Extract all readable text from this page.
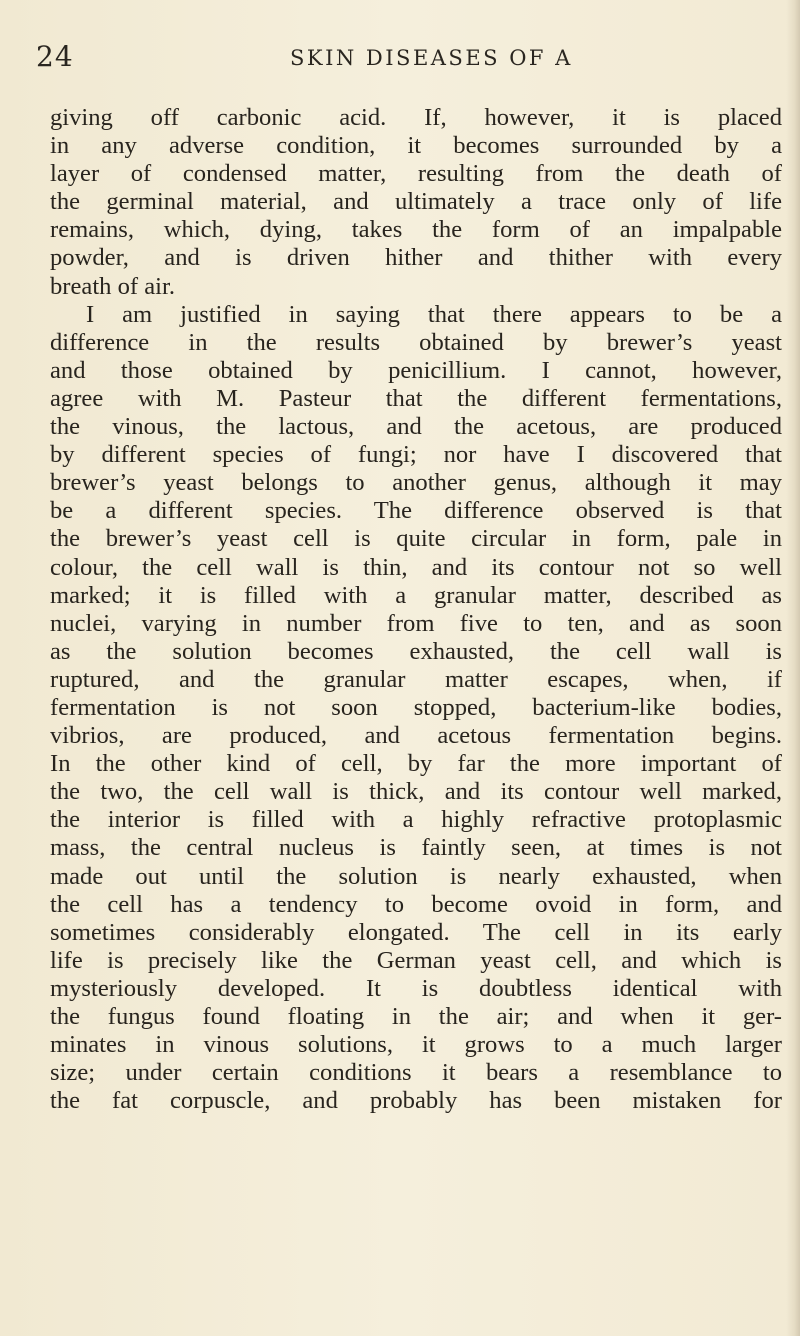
24	SKIN DISEASES OF A
giving off carbonic acid. If, however, it is placed
in any adverse condition, it becomes surrounded by a
layer of condensed matter, resulting from the death of
the germinal material, and ultimately a trace only of life
remains, which, dying, takes the form of an impalpable
powder, and is driven hither and thither with every
breath of air.
I am justified in saying that there appears to be a
difference in the results obtained by brewer’s yeast
and those obtained by penicillium. I cannot, however,
agree with M. Pasteur that the different fermentations,
the vinous, the lactous, and the acetous, are produced
by different species of fungi; nor have I discovered that
brewer’s yeast belongs to another genus, although it may
be a different species. The difference observed is that
the brewer’s yeast cell is quite circular in form, pale in
colour, the cell wall is thin, and its contour not so well
marked; it is filled with a granular matter, described as
nuclei, varying in number from five to ten, and as soon
as the solution becomes exhausted, the cell wall is
ruptured, and the granular matter escapes, when, if
fermentation is not soon stopped, bacterium-like bodies,
vibrios, are produced, and acetous fermentation begins.
In the other kind of cell, by far the more important of
the two, the cell wall is thick, and its contour well marked,
the interior is filled with a highly refractive protoplasmic
mass, the central nucleus is faintly seen, at times is not
made out until the solution is nearly exhausted, when
the cell has a tendency to become ovoid in form, and
sometimes considerably elongated. The cell in its early
life is precisely like the German yeast cell, and which is
mysteriously developed. It is doubtless identical with
the fungus found floating in the air; and when it ger-
minates in vinous solutions, it grows to a much larger
size; under certain conditions it bears a resemblance to
the fat corpuscle, and probably has been mistaken for
